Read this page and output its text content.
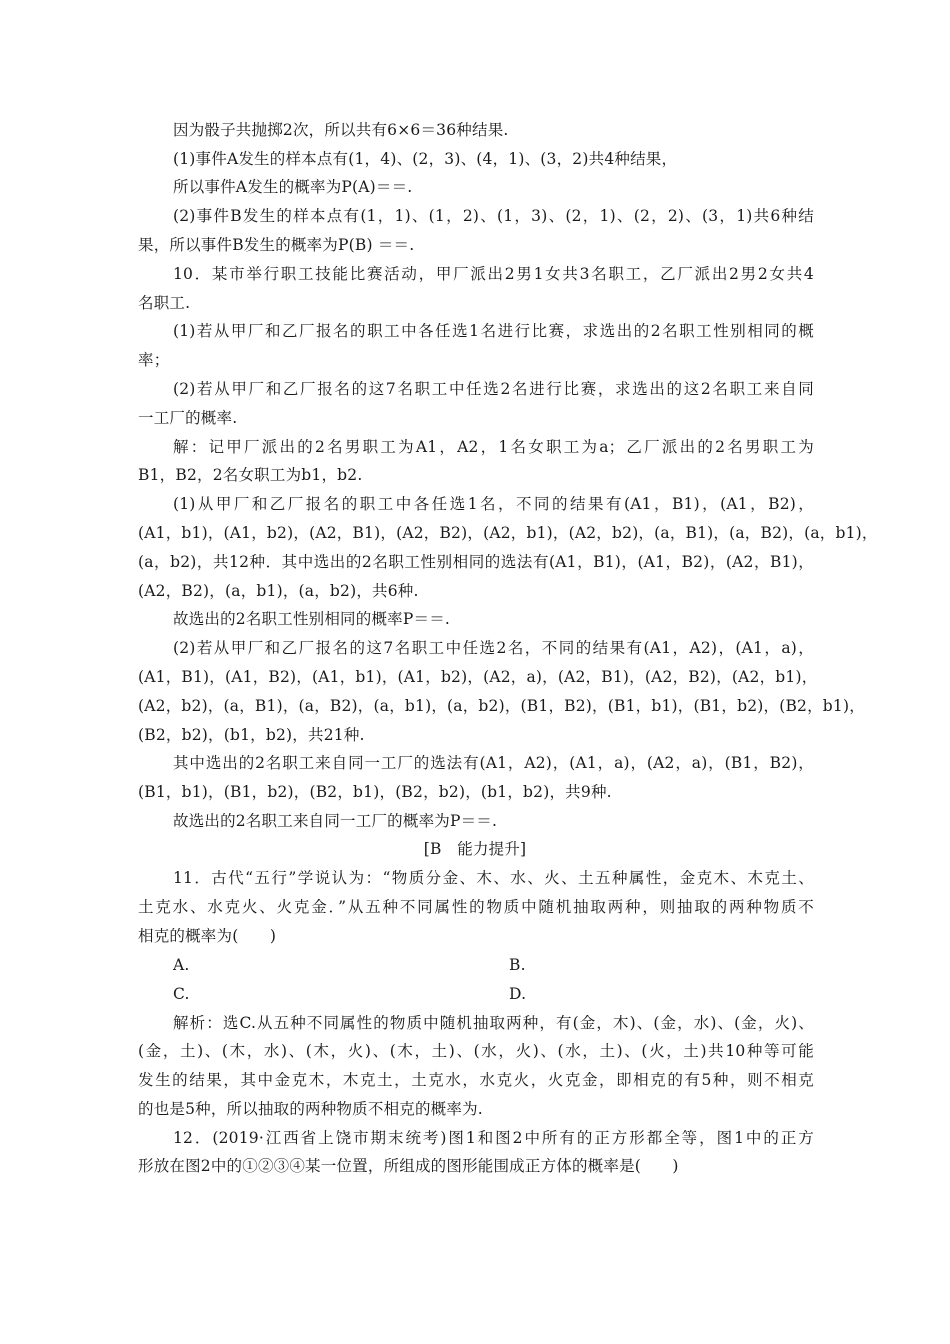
因为骰子共抛掷2次，所以共有6×6＝36种结果.
(1)事件A发生的样本点有(1，4)、(2，3)、(4，1)、(3，2)共4种结果，
所以事件A发生的概率为P(A)＝＝.
(2)事件B发生的样本点有(1，1)、(1，2)、(1，3)、(2，1)、(2，2)、(3，1)共6种结
果，所以事件B发生的概率为P(B) ＝＝.
10．某市举行职工技能比赛活动，甲厂派出2男1女共3名职工，乙厂派出2男2女共4
名职工.
(1)若从甲厂和乙厂报名的职工中各任选1名进行比赛，求选出的2名职工性别相同的概
率；
(2)若从甲厂和乙厂报名的这7名职工中任选2名进行比赛，求选出的这2名职工来自同
一工厂的概率.
解：记甲厂派出的2名男职工为A1，A2，1名女职工为a；乙厂派出的2名男职工为
B1，B2，2名女职工为b1，b2.
(1)从甲厂和乙厂报名的职工中各任选1名，不同的结果有(A1，B1)，(A1，B2)，
(A1，b1)，(A1，b2)，(A2，B1)，(A2，B2)，(A2，b1)，(A2，b2)，(a，B1)，(a，B2)，(a，b1)，
(a，b2)，共12种．其中选出的2名职工性别相同的选法有(A1，B1)，(A1，B2)，(A2，B1)，
(A2，B2)，(a，b1)，(a，b2)，共6种.
故选出的2名职工性别相同的概率P＝＝.
(2)若从甲厂和乙厂报名的这7名职工中任选2名，不同的结果有(A1，A2)，(A1，a)，
(A1，B1)，(A1，B2)，(A1，b1)，(A1，b2)，(A2，a)，(A2，B1)，(A2，B2)，(A2，b1)，
(A2，b2)，(a，B1)，(a，B2)，(a，b1)，(a，b2)，(B1，B2)，(B1，b1)，(B1，b2)，(B2，b1)，
(B2，b2)，(b1，b2)，共21种.
其中选出的2名职工来自同一工厂的选法有(A1，A2)，(A1，a)，(A2，a)，(B1，B2)，
(B1，b1)，(B1，b2)，(B2，b1)，(B2，b2)，(b1，b2)，共9种.
故选出的2名职工来自同一工厂的概率为P＝＝.
[B　能力提升]
11．古代“五行”学说认为：“物质分金、木、水、火、土五种属性，金克木、木克土、
土克水、水克火、火克金．”从五种不同属性的物质中随机抽取两种，则抽取的两种物质不
相克的概率为(　　)
A.	B.
C.	D.
解析：选C.从五种不同属性的物质中随机抽取两种，有(金，木)、(金，水)、(金，火)、
(金，土)、(木，水)、(木，火)、(木，土)、(水，火)、(水，土)、(火，土)共10种等可能
发生的结果，其中金克木，木克土，土克水，水克火，火克金，即相克的有5种，则不相克
的也是5种，所以抽取的两种物质不相克的概率为.
12．(2019·江西省上饶市期末统考)图1和图2中所有的正方形都全等，图1中的正方
形放在图2中的①②③④某一位置，所组成的图形能围成正方体的概率是(　　)
